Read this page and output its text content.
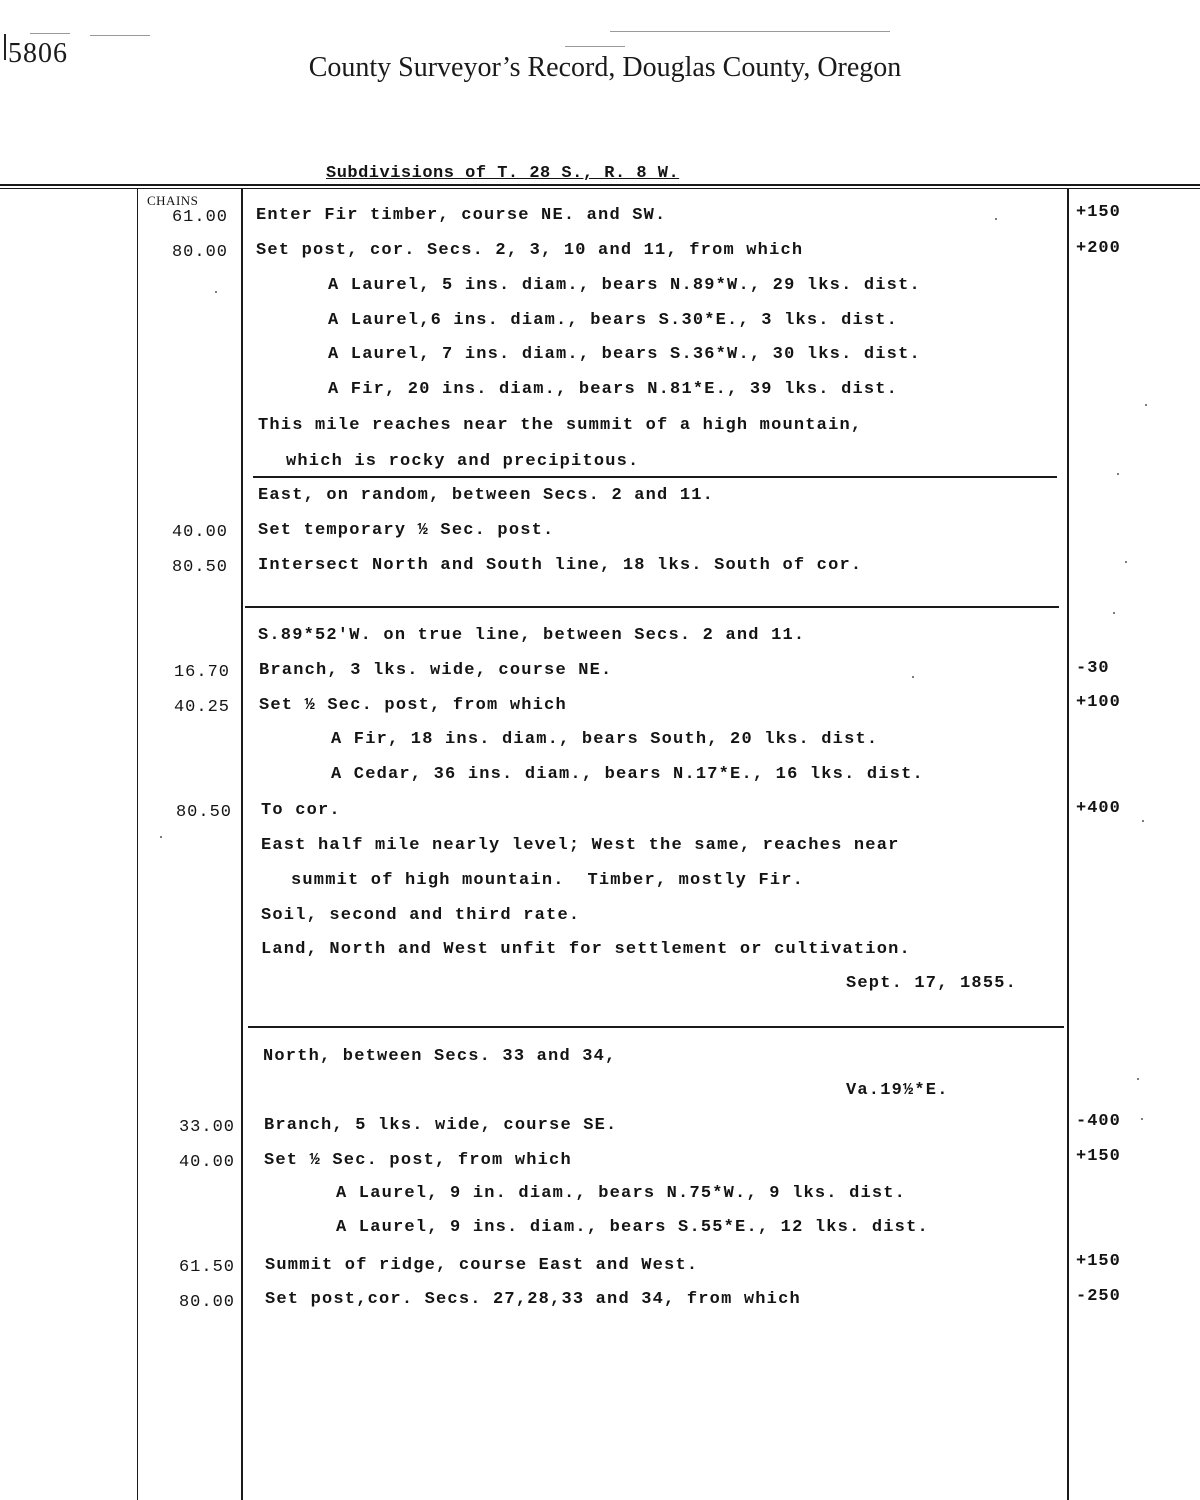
5806	County Surveyor’s Record, Douglas County, Oregon
Subdivisions of T. 28 S., R. 8 W.
CHAINS
61.00 Enter Fir timber, course NE. and SW.	+150
80.00 Set post, cor. Secs. 2, 3, 10 and 11, from which	+200
A Laurel, 5 ins. diam., bears N.89*W., 29 lks. dist.
A Laurel,6 ins. diam., bears S.30*E., 3 lks. dist.
A Laurel, 7 ins. diam., bears S.36*W., 30 lks. dist.
A Fir, 20 ins. diam., bears N.81*E., 39 lks. dist.
This mile reaches near the summit of a high mountain,
which is rocky and precipitous.
East, on random, between Secs. 2 and 11.
40.00 Set temporary ½ Sec. post.
80.50 Intersect North and South line, 18 lks. South of cor.
S.89*52'W. on true line, between Secs. 2 and 11.
16.70 Branch, 3 lks. wide, course NE.	-30
40.25 Set ½ Sec. post, from which	+100
A Fir, 18 ins. diam., bears South, 20 lks. dist.
A Cedar, 36 ins. diam., bears N.17*E., 16 lks. dist.
80.50 To cor.	+400
East half mile nearly level; West the same, reaches near
summit of high mountain.  Timber, mostly Fir.
Soil, second and third rate.
Land, North and West unfit for settlement or cultivation.
Sept. 17, 1855.
North, between Secs. 33 and 34,
Va.19½*E.
33.00 Branch, 5 lks. wide, course SE.	-400
40.00 Set ½ Sec. post, from which	+150
A Laurel, 9 in. diam., bears N.75*W., 9 lks. dist.
A Laurel, 9 ins. diam., bears S.55*E., 12 lks. dist.
61.50 Summit of ridge, course East and West.	+150
80.00 Set post,cor. Secs. 27,28,33 and 34, from which	-250
